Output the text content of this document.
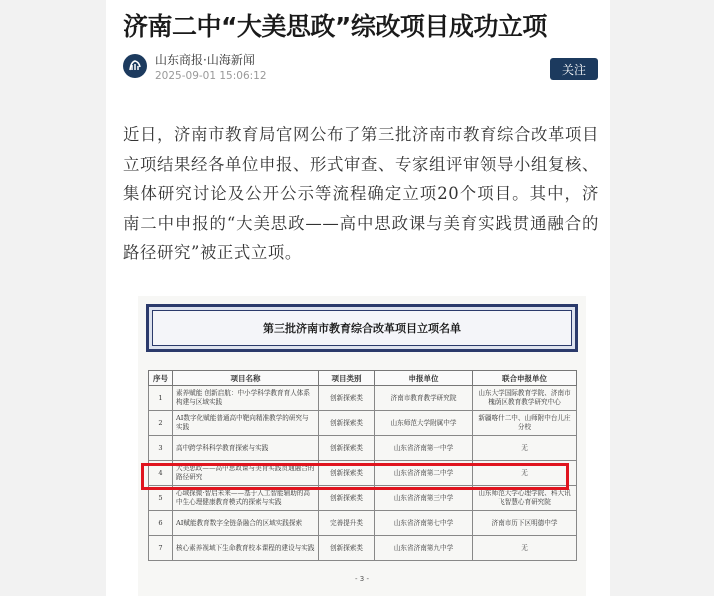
济南二中“大美思政”综改项目成功立项
山东商报·山海新闻
2025-09-01 15:06:12	关注

近日，济南市教育局官网公布了第三批济南市教育综合改革项目立项结果经各单位申报、形式审查、专家组评审领导小组复核、集体研究讨论及公开公示等流程确定立项20个项目。其中，济南二中申报的“大美思政——高中思政课与美育实践贯通融合的路径研究”被正式立项。

第三批济南市教育综合改革项目立项名单
序号	项目名称	项目类别	申报单位	联合申报单位
1	素养赋能 创新启航：中小学科学教育育人体系构建与区域实践	创新探索类	济南市教育教学研究院	山东大学国际教育学院、济南市槐荫区教育教学研究中心
2	AI数字化赋能普通高中靶向精准教学的研究与实践	创新探索类	山东师范大学附属中学	新疆喀什二中、山师附中台儿庄分校
3	高中跨学科科学教育探索与实践	创新探索类	山东省济南第一中学	无
4	大美思政——高中思政课与美育实践贯通融合的路径研究	创新探索类	山东省济南第二中学	无
5	心域探微·智启未来——基于人工智能辅助的高中生心理健康教育模式的探索与实践	创新探索类	山东省济南第三中学	山东师范大学心理学院、科大讯飞智慧心育研究院
6	AI赋能教育数字全链条融合的区域实践探索	完善提升类	山东省济南第七中学	济南市历下区明德中学
7	核心素养视域下生命教育校本课程的建设与实践	创新探索类	山东省济南第九中学	无
- 3 -
